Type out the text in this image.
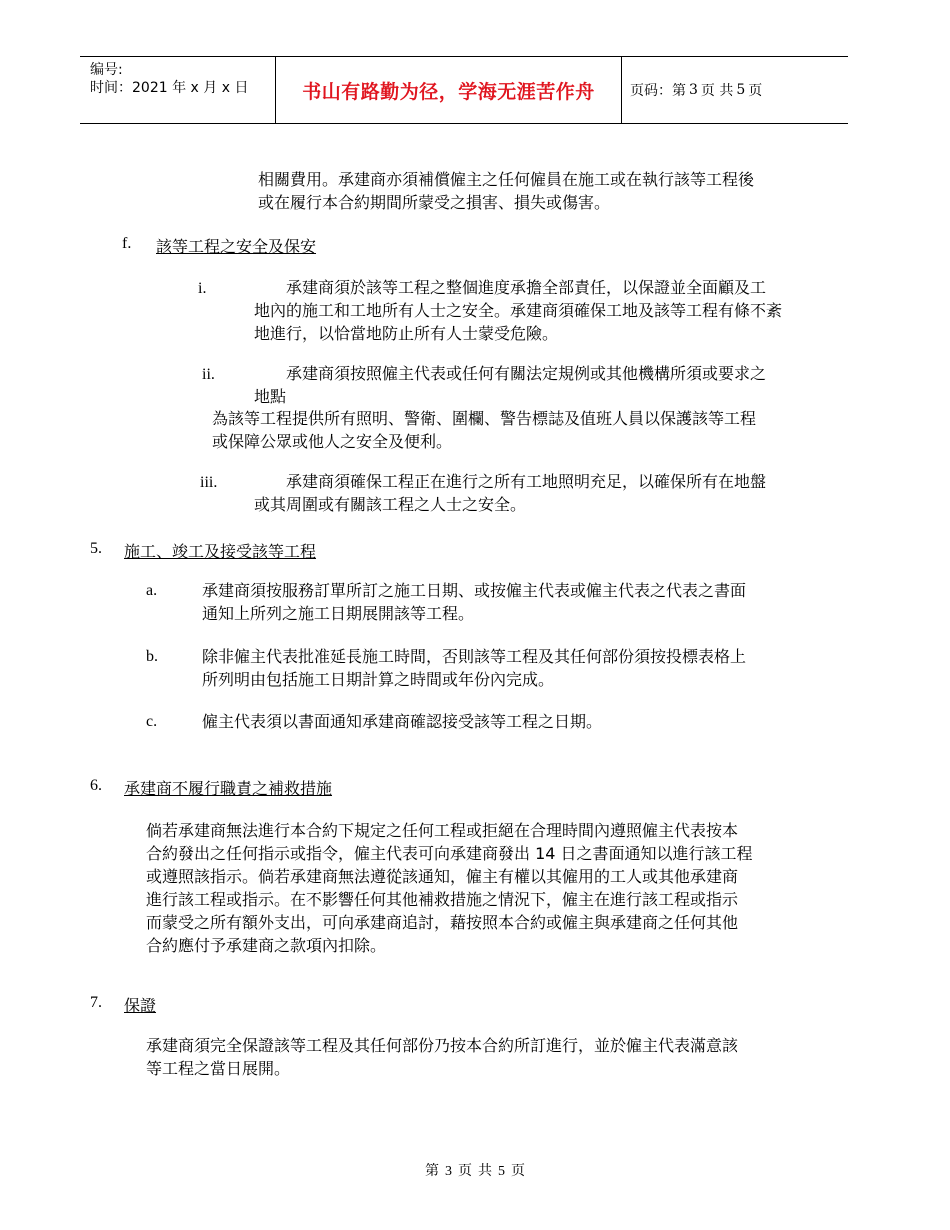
编号:
时间：2021 年 x 月 x 日	书山有路勤为径，学海无涯苦作舟	页码：第 3 页 共 5 页
相關費用。承建商亦須補償僱主之任何僱員在施工或在執行該等工程後
或在履行本合約期間所蒙受之損害、損失或傷害。
f. 該等工程之安全及保安
i.	承建商須於該等工程之整個進度承擔全部責任，以保證並全面顧及工
地內的施工和工地所有人士之安全。承建商須確保工地及該等工程有條不紊
地進行，以恰當地防止所有人士蒙受危險。
ii.	承建商須按照僱主代表或任何有關法定規例或其他機構所須或要求之
地點
為該等工程提供所有照明、警衛、圍欄、警告標誌及值班人員以保護該等工程
或保障公眾或他人之安全及便利。
iii.	承建商須確保工程正在進行之所有工地照明充足，以確保所有在地盤
或其周圍或有關該工程之人士之安全。
5. 施工、竣工及接受該等工程
a.	承建商須按服務訂單所訂之施工日期、或按僱主代表或僱主代表之代表之書面
通知上所列之施工日期展開該等工程。
b.	除非僱主代表批准延長施工時間，否則該等工程及其任何部份須按投標表格上
所列明由包括施工日期計算之時間或年份內完成。
c.	僱主代表須以書面通知承建商確認接受該等工程之日期。
6. 承建商不履行職責之補救措施
倘若承建商無法進行本合約下規定之任何工程或拒絕在合理時間內遵照僱主代表按本
合約發出之任何指示或指令，僱主代表可向承建商發出 14 日之書面通知以進行該工程
或遵照該指示。倘若承建商無法遵從該通知，僱主有權以其僱用的工人或其他承建商
進行該工程或指示。在不影響任何其他補救措施之情況下，僱主在進行該工程或指示
而蒙受之所有額外支出，可向承建商追討，藉按照本合約或僱主與承建商之任何其他
合約應付予承建商之款項內扣除。
7. 保證
承建商須完全保證該等工程及其任何部份乃按本合約所訂進行，並於僱主代表滿意該
等工程之當日展開。
第 3 页 共 5 页
